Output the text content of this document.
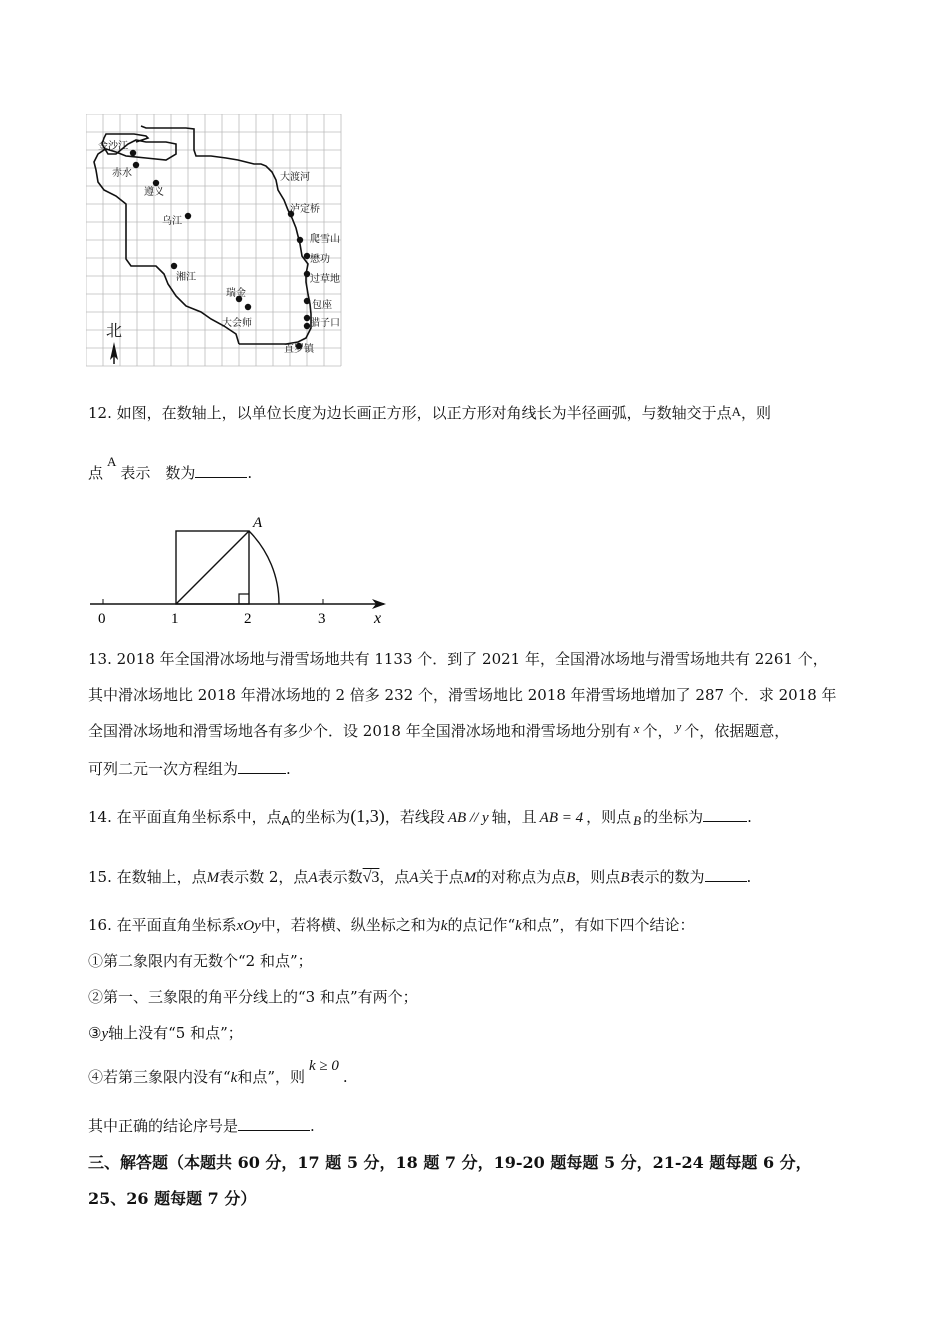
金沙江
赤水
遵义
乌江
湘江
瑞金
大会师
大渡河
泸定桥
爬雪山
懋功
过草地
包座
腊子口
直罗镇
北
12. 如图，在数轴上，以单位长度为边长画正方形，以正方形对角线长为半径画弧，与数轴交于点A，则
点A表示　数为	.
0	1	2	3	x
A
13. 2018 年全国滑冰场地与滑雪场地共有 1133 个．到了 2021 年，全国滑冰场地与滑雪场地共有 2261 个，
其中滑冰场地比 2018 年滑冰场地的 2 倍多 232 个，滑雪场地比 2018 年滑雪场地增加了 287 个．求 2018 年
全国滑冰场地和滑雪场地各有多少个．设 2018 年全国滑冰场地和滑雪场地分别有 x 个， y 个，依据题意，
可列二元一次方程组为	.
14. 在平面直角坐标系中，点A的坐标为(1,3)，若线段 AB // y 轴，且 AB = 4 ，则点 B 的坐标为	.
15. 在数轴上，点M表示数 2，点A表示数√3，点A关于点M的对称点为点B，则点B表示的数为	.
16. 在平面直角坐标系xOy中，若将横、纵坐标之和为k的点记作“k和点”，有如下四个结论：
①第二象限内有无数个“2 和点”；
②第一、三象限的角平分线上的“3 和点”有两个；
③y轴上没有“5 和点”；
④若第三象限内没有“k和点”，则k ≥ 0.
其中正确的结论序号是	.
三、解答题（本题共 60 分，17 题 5 分，18 题 7 分，19-20 题每题 5 分，21-24 题每题 6 分，
25、26 题每题 7 分）
